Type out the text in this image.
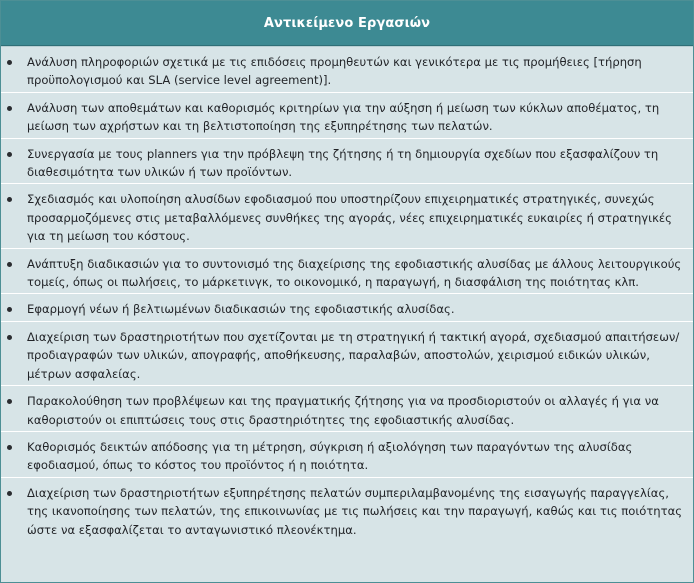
Αντικείμενο Εργασιών
Ανάλυση πληροφοριών σχετικά με τις επιδόσεις προμηθευτών και γενικότερα με τις προμήθειες [τήρηση προϋπολογισμού και SLA (service level agreement)].
Ανάλυση των αποθεμάτων και καθορισμός κριτηρίων για την αύξηση ή μείωση των κύκλων αποθέματος, τη μείωση των αχρήστων και τη βελτιστοποίηση της εξυπηρέτησης των πελατών.
Συνεργασία με τους planners για την πρόβλεψη της ζήτησης ή τη δημιουργία σχεδίων που εξασφαλίζουν τη διαθεσιμότητα των υλικών ή των προϊόντων.
Σχεδιασμός και υλοποίηση αλυσίδων εφοδιασμού που υποστηρίζουν επιχειρηματικές στρατηγικές, συνεχώς προσαρμοζόμενες στις μεταβαλλόμενες συνθήκες της αγοράς, νέες επιχειρηματικές ευκαιρίες ή στρατηγικές για τη μείωση του κόστους.
Ανάπτυξη διαδικασιών για το συντονισμό της διαχείρισης της εφοδιαστικής αλυσίδας με άλλους λειτουργικούς τομείς, όπως οι πωλήσεις, το μάρκετινγκ, το οικονομικό, η παραγωγή, η διασφάλιση της ποιότητας κλπ.
Εφαρμογή νέων ή βελτιωμένων διαδικασιών της εφοδιαστικής αλυσίδας.
Διαχείριση των δραστηριοτήτων που σχετίζονται με τη στρατηγική ή τακτική αγορά, σχεδιασμού απαιτήσεων/ προδιαγραφών των υλικών, απογραφής, αποθήκευσης, παραλαβών, αποστολών, χειρισμού ειδικών υλικών, μέτρων ασφαλείας.
Παρακολούθηση των προβλέψεων και της πραγματικής ζήτησης για να προσδιοριστούν οι αλλαγές ή για να καθοριστούν οι επιπτώσεις τους στις δραστηριότητες της εφοδιαστικής αλυσίδας.
Καθορισμός δεικτών απόδοσης για τη μέτρηση, σύγκριση ή αξιολόγηση των παραγόντων της αλυσίδας εφοδιασμού, όπως το κόστος του προϊόντος ή η ποιότητα.
Διαχείριση των δραστηριοτήτων εξυπηρέτησης πελατών συμπεριλαμβανομένης της εισαγωγής παραγγελίας, της ικανοποίησης των πελατών, της επικοινωνίας με τις πωλήσεις και την παραγωγή, καθώς και τις ποιότητας ώστε να εξασφαλίζεται το ανταγωνιστικό πλεονέκτημα.
